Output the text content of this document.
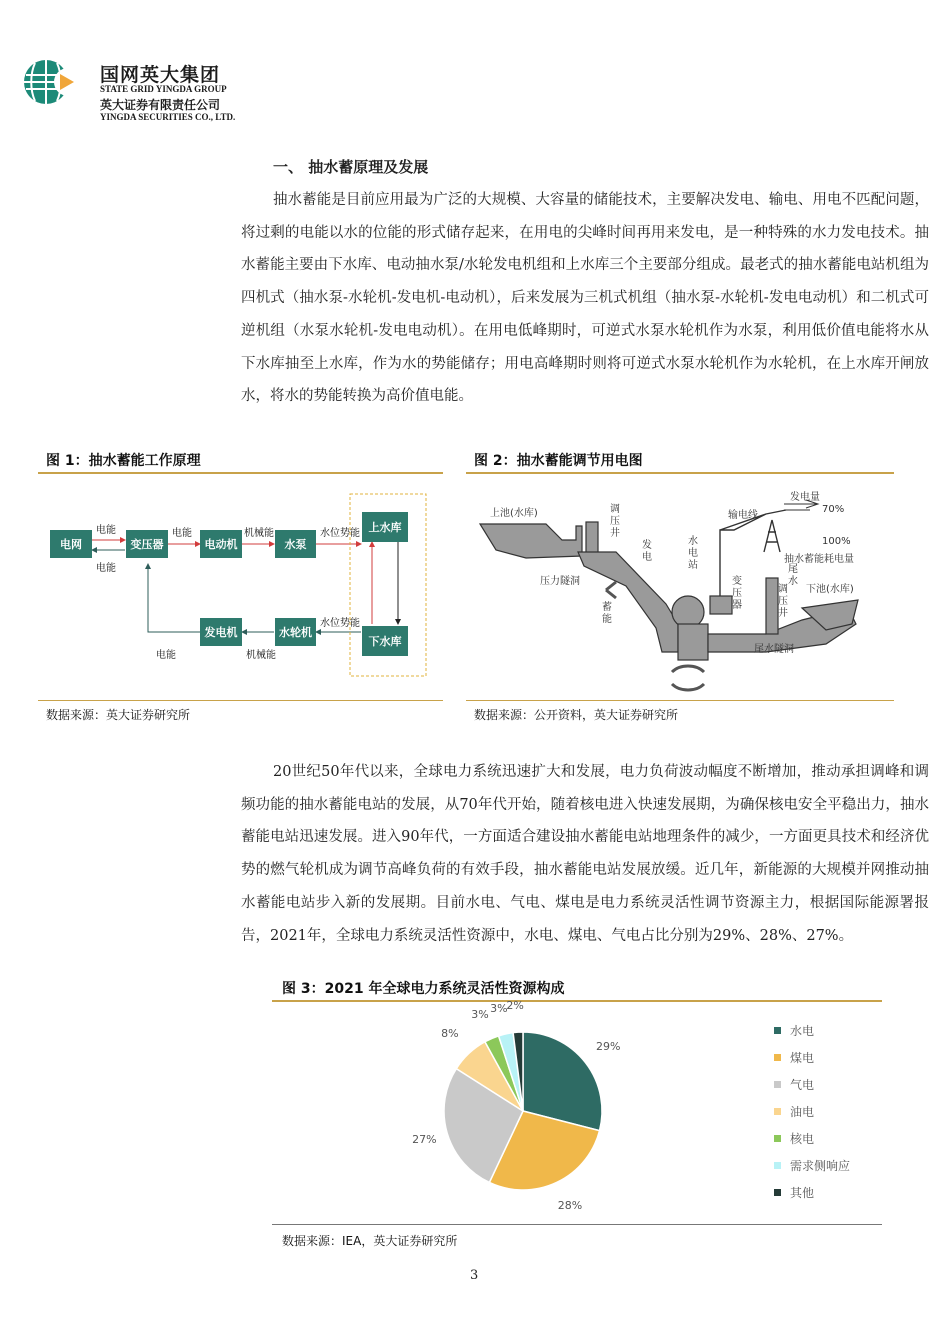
国网英大集团
STATE GRID YINGDA GROUP
英大证券有限责任公司
YINGDA SECURITIES CO., LTD.
一、 抽水蓄原理及发展
抽水蓄能是目前应用最为广泛的大规模、大容量的储能技术，主要解决发电、输电、用电不匹配问题，将过剩的电能以水的位能的形式储存起来，在用电的尖峰时间再用来发电，是一种特殊的水力发电技术。抽水蓄能主要由下水库、电动抽水泵/水轮发电机组和上水库三个主要部分组成。最老式的抽水蓄能电站机组为四机式（抽水泵-水轮机-发电机-电动机），后来发展为三机式机组（抽水泵-水轮机-发电电动机）和二机式可逆机组（水泵水轮机-发电电动机）。在用电低峰期时，可逆式水泵水轮机作为水泵，利用低价值电能将水从下水库抽至上水库，作为水的势能储存；用电高峰期时则将可逆式水泵水轮机作为水轮机，在上水库开闸放水，将水的势能转换为高价值电能。
图 1：抽水蓄能工作原理
电网	变压器	电动机	水泵
上水库
下水库
发电机	水轮机
电能
电能
电能	机械能	水位势能
水位势能
机械能
电能
数据来源：英大证券研究所
图 2：抽水蓄能调节用电图
上池(水库)	调压井
压力隧洞
发电
蓄能
水电站
变压器
输电线
发电量
70%
100%
抽水蓄能耗电量
尾水
调压井
下池(水库)
尾水隧洞
数据来源：公开资料，英大证券研究所
20世纪50年代以来，全球电力系统迅速扩大和发展，电力负荷波动幅度不断增加，推动承担调峰和调频功能的抽水蓄能电站的发展，从70年代开始，随着核电进入快速发展期，为确保核电安全平稳出力，抽水蓄能电站迅速发展。进入90年代，一方面适合建设抽水蓄能电站地理条件的减少，一方面更具技术和经济优势的燃气轮机成为调节高峰负荷的有效手段，抽水蓄能电站发展放缓。近几年，新能源的大规模并网推动抽水蓄能电站步入新的发展期。目前水电、气电、煤电是电力系统灵活性调节资源主力，根据国际能源署报告，2021年，全球电力系统灵活性资源中，水电、煤电、气电占比分别为29%、28%、27%。
图 3：2021 年全球电力系统灵活性资源构成
29%
28%
27%
8%
3% 3%
2%
水电
煤电
气电
油电
核电
需求侧响应
其他
数据来源：IEA，英大证券研究所
3
